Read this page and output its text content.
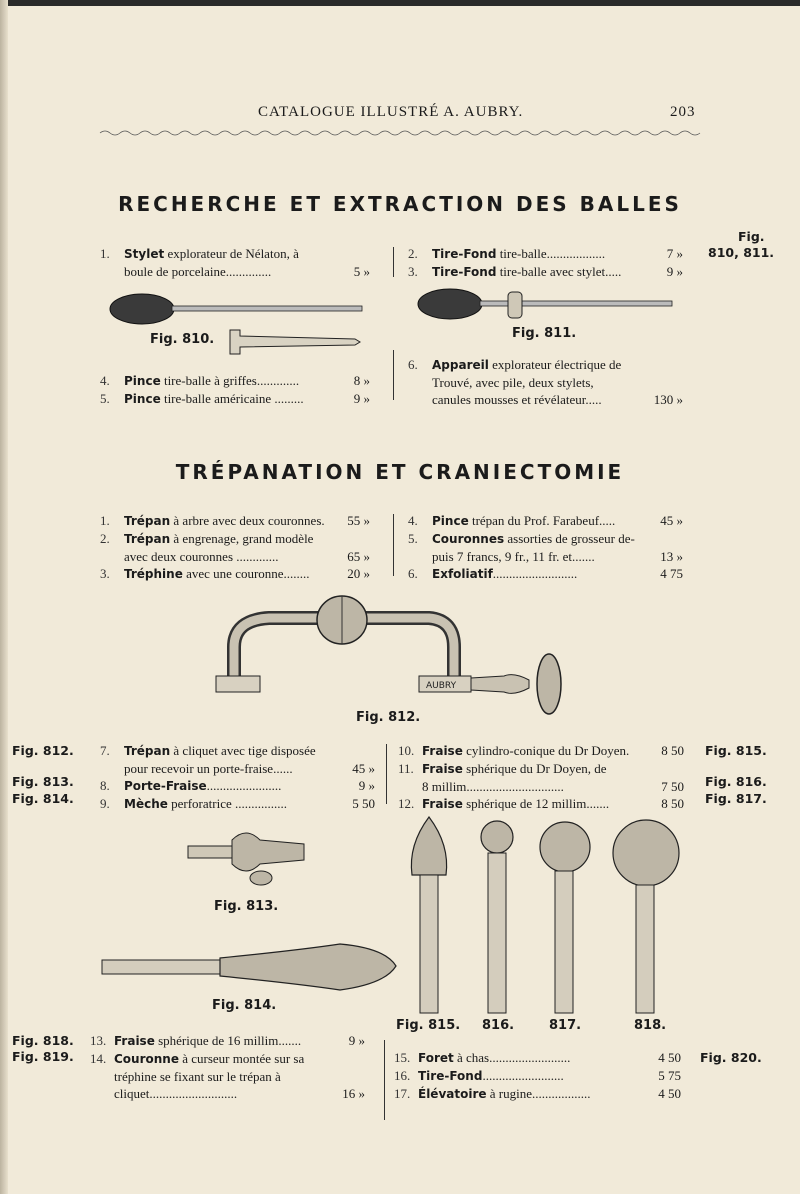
CATALOGUE ILLUSTRÉ A. AUBRY.	203
RECHERCHE ET EXTRACTION DES BALLES
1. Stylet explorateur de Nélaton, à
boule de porcelaine..............	5 »
2. Tire-Fond tire-balle..................	7 »
3. Tire-Fond tire-balle avec stylet.....	9 »
Fig.
810, 811.
Fig. 810.	Fig. 811.
4. Pince tire-balle à griffes.............	8 »
5. Pince tire-balle américaine .........	9 »
6. Appareil explorateur électrique de
Trouvé, avec pile, deux stylets,
canules mousses et révélateur.....	130 »
TRÉPANATION ET CRANIECTOMIE
1. Trépan à arbre avec deux couronnes. 55 »
2. Trépan à engrenage, grand modèle
avec deux couronnes .............	65 »
3. Tréphine avec une couronne........	20 »
4. Pince trépan du Prof. Farabeuf.....	45 »
5. Couronnes assorties de grosseur de-
puis 7 francs, 9 fr., 11 fr. et.......	13 »
6. Exfoliatif..........................	4 75
AUBRY
Fig. 812.
Fig. 812.
Fig. 813.
Fig. 814.
7. Trépan à cliquet avec tige disposée
pour recevoir un porte-fraise......	45 »
8. Porte-Fraise.......................	9 »
9. Mèche perforatrice ................	5 50
10. Fraise cylindro-conique du Dr Doyen. 8 50
11. Fraise sphérique du Dr Doyen, de
8 millim..............................	7 50
12. Fraise sphérique de 12 millim.......	8 50
Fig. 815.
Fig. 816.
Fig. 817.
Fig. 813.
Fig. 814.
Fig. 815. 816.	817.	818.
Fig. 818.
Fig. 819.
13. Fraise sphérique de 16 millim.......	9 »
14. Couronne à curseur montée sur sa
tréphine se fixant sur le trépan à
cliquet...........................	16 »
15. Foret à chas.........................	4 50
16. Tire-Fond.........................	5 75
17. Élévatoire à rugine..................	4 50
Fig. 820.
